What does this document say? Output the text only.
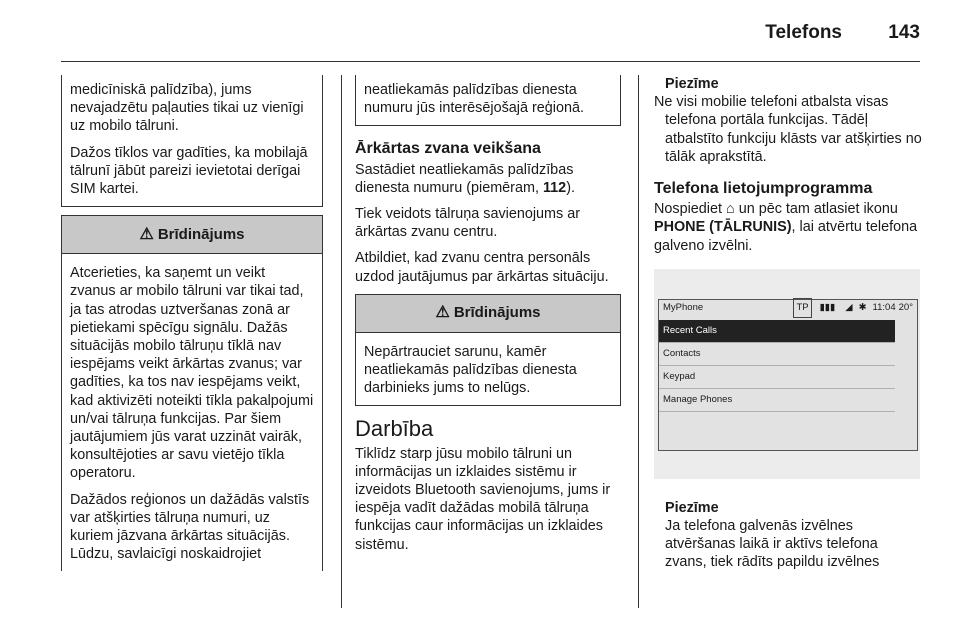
Telefons 143

medicīniskā palīdzība), jums nevajadzētu paļauties tikai uz vienīgi uz mobilo tālruni.

Dažos tīklos var gadīties, ka mobilajā tālrunī jābūt pareizi ievietotai derīgai SIM kartei.

⚠ Brīdinājums

Atcerieties, ka saņemt un veikt zvanus ar mobilo tālruni var tikai tad, ja tas atrodas uztveršanas zonā ar pietiekami spēcīgu signālu. Dažās situācijās mobilo tālruņu tīklā nav iespējams veikt ārkārtas zvanus; var gadīties, ka tos nav iespējams veikt, kad aktivizēti noteikti tīkla pakalpojumi un/vai tālruņa funkcijas. Par šiem jautājumiem jūs varat uzzināt vairāk, konsultējoties ar savu vietējo tīkla operatoru.

Dažādos reģionos un dažādās valstīs var atšķirties tālruņa numuri, uz kuriem jāzvana ārkārtas situācijās. Lūdzu, savlaicīgi noskaidrojiet

neatliekamās palīdzības dienesta numuru jūs interēsējošajā reģionā.

Ārkārtas zvana veikšana

Sastādiet neatliekamās palīdzības dienesta numuru (piemēram, 112).

Tiek veidots tālruņa savienojums ar ārkārtas zvanu centru.

Atbildiet, kad zvanu centra personāls uzdod jautājumus par ārkārtas situāciju.

⚠ Brīdinājums

Nepārtrauciet sarunu, kamēr neatliekamās palīdzības dienesta darbinieks jums to nelūgs.

Darbība

Tiklīdz starp jūsu mobilo tālruni un informācijas un izklaides sistēmu ir izveidots Bluetooth savienojums, jums ir iespēja vadīt dažādas mobilā tālruņa funkcijas caur informācijas un izklaides sistēmu.

Piezīme
Ne visi mobilie telefoni atbalsta visas telefona portāla funkcijas. Tādēļ atbalstīto funkciju klāsts var atšķirties no tālāk aprakstītā.
Telefona lietojumprogramma

Nospiediet ⌂ un pēc tam atlasiet ikonu PHONE (TĀLRUNIS), lai atvērtu telefona galveno izvēlni.

MyPhone	TP	▮▮▮ ◢ ✱ 11:04 20°
Recent Calls
Contacts
Keypad
Manage Phones
Piezīme
Ja telefona galvenās izvēlnes atvēršanas laikā ir aktīvs telefona zvans, tiek rādīts papildu izvēlnes
